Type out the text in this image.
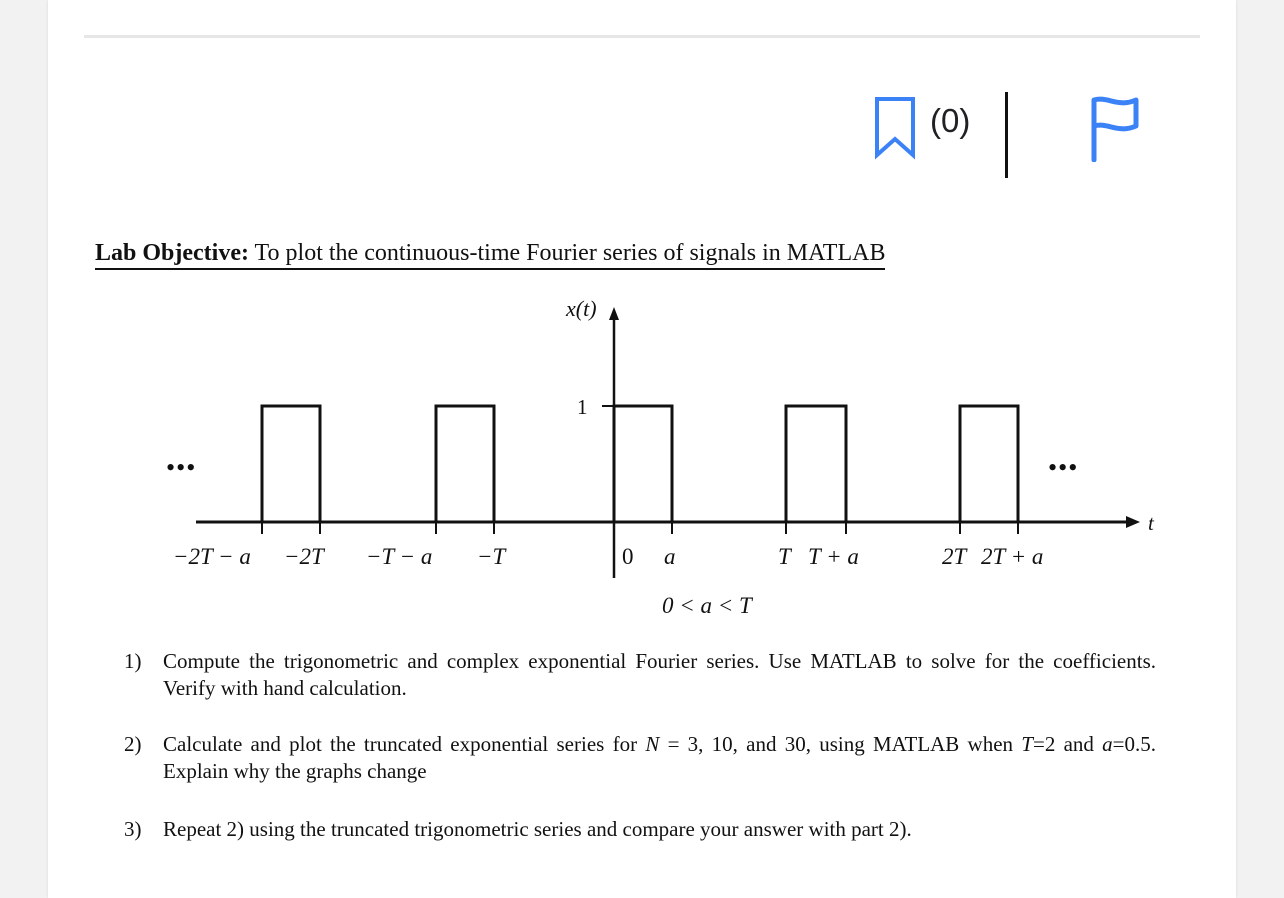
(0)
Lab Objective: To plot the continuous-time Fourier series of signals in MATLAB
x(t)
1
t
•••	•••
−2T − a −2T −T − a −T	0 a	T T + a	2T 2T + a
0 < a < T
1) Compute the trigonometric and complex exponential Fourier series. Use MATLAB to solve for the coefficients. Verify with hand calculation.
2) Calculate and plot the truncated exponential series for N = 3, 10, and 30, using MATLAB when T=2 and a=0.5. Explain why the graphs change
3) Repeat 2) using the truncated trigonometric series and compare your answer with part 2).
